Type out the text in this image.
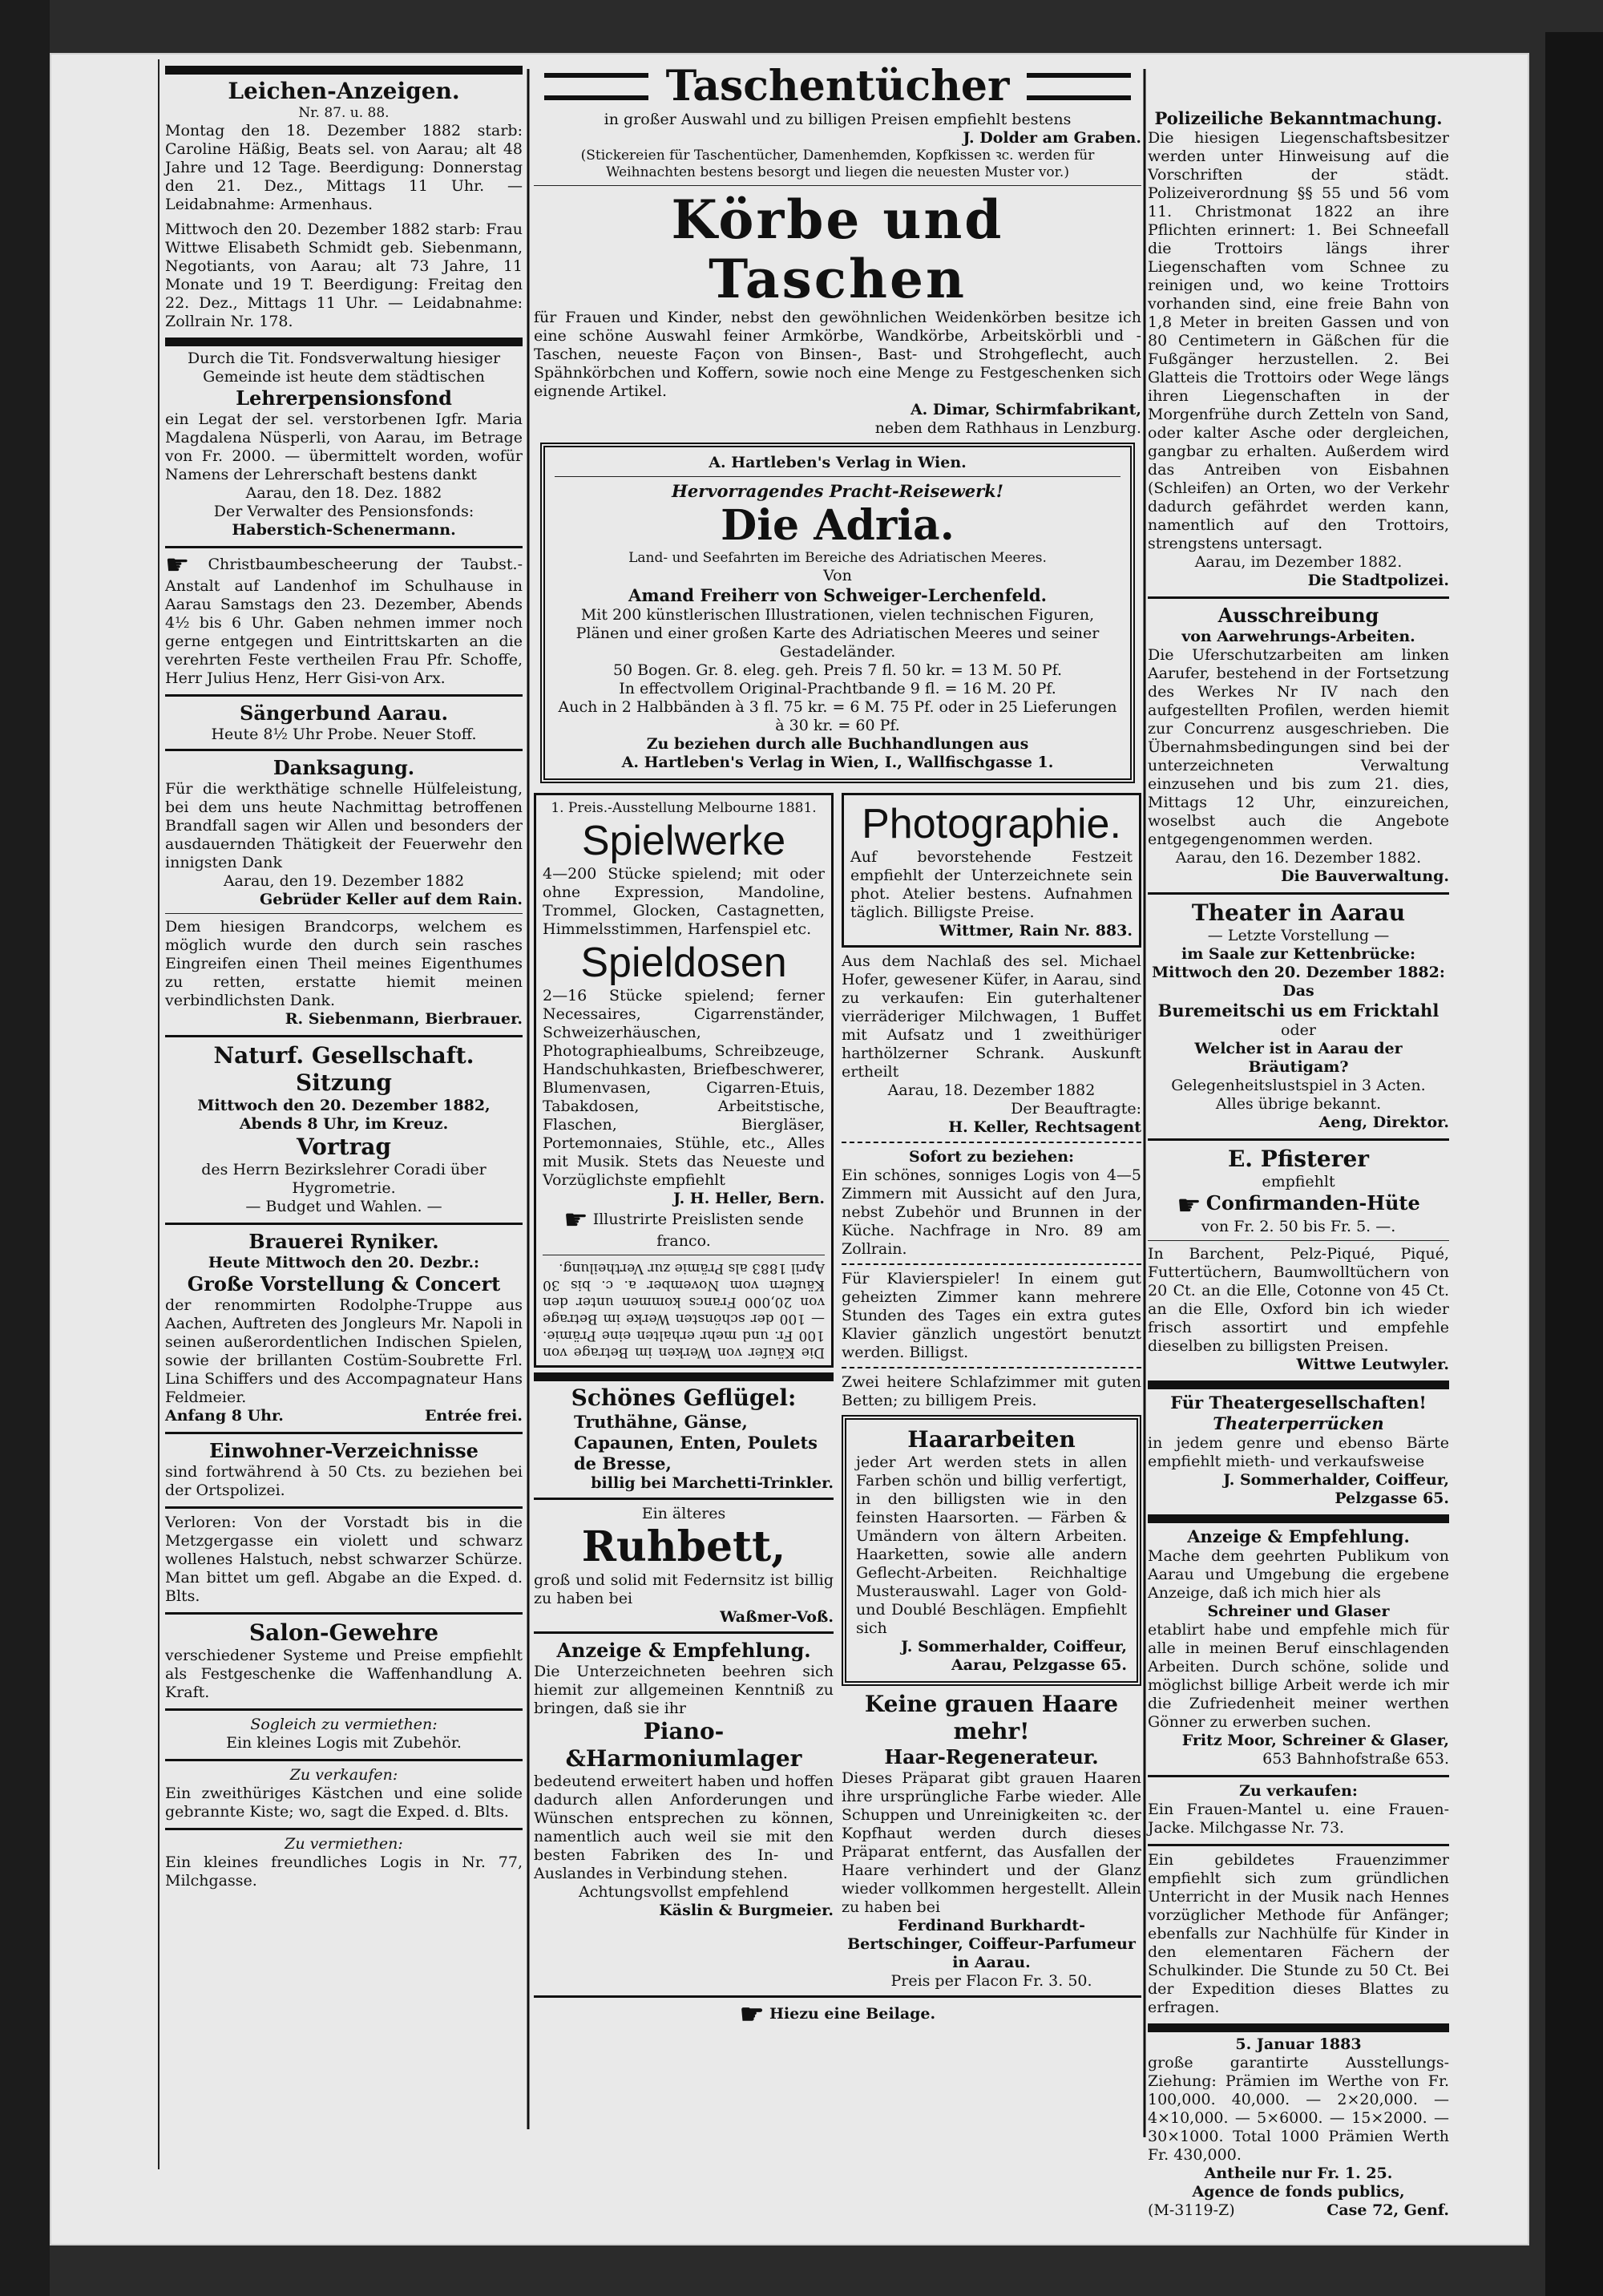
Leichen-Anzeigen.
Nr. 87. u. 88.

Montag den 18. Dezember 1882 starb: Caroline Häßig, Beats sel. von Aarau; alt 48 Jahre und 12 Tage. Beerdigung: Donnerstag den 21. Dez., Mittags 11 Uhr. — Leidabnahme: Armenhaus.

Mittwoch den 20. Dezember 1882 starb: Frau Wittwe Elisabeth Schmidt geb. Siebenmann, Negotiants, von Aarau; alt 73 Jahre, 11 Monate und 19 T. Beerdigung: Freitag den 22. Dez., Mittags 11 Uhr. — Leidabnahme: Zollrain Nr. 178.

Durch die Tit. Fondsverwaltung hiesiger Gemeinde ist heute dem städtischen

Lehrerpensionsfond

ein Legat der sel. verstorbenen Igfr. Maria Magdalena Nüsperli, von Aarau, im Betrage von Fr. 2000. — übermittelt worden, wofür Namens der Lehrerschaft bestens dankt

Aarau, den 18. Dez. 1882

Der Verwalter des Pensionsfonds:

Haberstich-Schenermann.

☛ Christbaumbescheerung der Taubst.-Anstalt auf Landenhof im Schulhause in Aarau Samstags den 23. Dezember, Abends 4½ bis 6 Uhr. Gaben nehmen immer noch gerne entgegen und Eintrittskarten an die verehrten Feste vertheilen Frau Pfr. Schoffe, Herr Julius Henz, Herr Gisi-von Arx.

Sängerbund Aarau.

Heute 8½ Uhr Probe. Neuer Stoff.

Danksagung.

Für die werkthätige schnelle Hülfeleistung, bei dem uns heute Nachmittag betroffenen Brandfall sagen wir Allen und besonders der ausdauernden Thätigkeit der Feuerwehr den innigsten Dank

Aarau, den 19. Dezember 1882

Gebrüder Keller auf dem Rain.

Dem hiesigen Brandcorps, welchem es möglich wurde den durch sein rasches Eingreifen einen Theil meines Eigenthumes zu retten, erstatte hiemit meinen verbindlichsten Dank.

R. Siebenmann, Bierbrauer.

Naturf. Gesellschaft.
Sitzung

Mittwoch den 20. Dezember 1882, Abends 8 Uhr, im Kreuz.

Vortrag

des Herrn Bezirkslehrer Coradi über Hygrometrie.

— Budget und Wahlen. —

Brauerei Ryniker.

Heute Mittwoch den 20. Dezbr.:

Große Vorstellung & Concert

der renommirten Rodolphe-Truppe aus Aachen, Auftreten des Jongleurs Mr. Napoli in seinen außerordentlichen Indischen Spielen, sowie der brillanten Costüm-Soubrette Frl. Lina Schiffers und des Accompagnateur Hans Feldmeier.

Anfang 8 Uhr.	Entrée frei.
Einwohner-Verzeichnisse

sind fortwährend à 50 Cts. zu beziehen bei der Ortspolizei.

Verloren: Von der Vorstadt bis in die Metzgergasse ein violett und schwarz wollenes Halstuch, nebst schwarzer Schürze. Man bittet um gefl. Abgabe an die Exped. d. Blts.

Salon-Gewehre

verschiedener Systeme und Preise empfiehlt als Festgeschenke die Waffenhandlung A. Kraft.

Sogleich zu vermiethen:

Ein kleines Logis mit Zubehör.

Zu verkaufen:

Ein zweithüriges Kästchen und eine solide gebrannte Kiste; wo, sagt die Exped. d. Blts.

Zu vermiethen:

Ein kleines freundliches Logis in Nr. 77, Milchgasse.

Taschentücher

in großer Auswahl und zu billigen Preisen empfiehlt bestens

J. Dolder am Graben.

(Stickereien für Taschentücher, Damenhemden, Kopfkissen ꝛc. werden für Weihnachten bestens besorgt und liegen die neuesten Muster vor.)

Körbe und Taschen

für Frauen und Kinder, nebst den gewöhnlichen Weidenkörben besitze ich eine schöne Auswahl feiner Armkörbe, Wandkörbe, Arbeitskörbli und -Taschen, neueste Façon von Binsen-, Bast- und Strohgeflecht, auch Spähnkörbchen und Koffern, sowie noch eine Menge zu Festgeschenken sich eignende Artikel.

A. Dimar, Schirmfabrikant,

neben dem Rathhaus in Lenzburg.

A. Hartleben's Verlag in Wien.

Hervorragendes Pracht-Reisewerk!

Die Adria.

Land- und Seefahrten im Bereiche des Adriatischen Meeres.

Von

Amand Freiherr von Schweiger-Lerchenfeld.

Mit 200 künstlerischen Illustrationen, vielen technischen Figuren, Plänen und einer großen Karte des Adriatischen Meeres und seiner Gestadeländer.

50 Bogen. Gr. 8. eleg. geh. Preis 7 fl. 50 kr. = 13 M. 50 Pf.

In effectvollem Original-Prachtbande 9 fl. = 16 M. 20 Pf.

Auch in 2 Halbbänden à 3 fl. 75 kr. = 6 M. 75 Pf. oder in 25 Lieferungen à 30 kr. = 60 Pf.

Zu beziehen durch alle Buchhandlungen aus

A. Hartleben's Verlag in Wien, I., Wallfischgasse 1.

1. Preis.-Ausstellung Melbourne 1881.

Spielwerke

4—200 Stücke spielend; mit oder ohne Expression, Mandoline, Trommel, Glocken, Castagnetten, Himmelsstimmen, Harfenspiel etc.

Spieldosen

2—16 Stücke spielend; ferner Necessaires, Cigarrenständer, Schweizerhäuschen, Photographiealbums, Schreibzeuge, Handschuhkasten, Briefbeschwerer, Blumenvasen, Cigarren-Etuis, Tabakdosen, Arbeitstische, Flaschen, Biergläser, Portemonnaies, Stühle, etc., Alles mit Musik. Stets das Neueste und Vorzüglichste empfiehlt

J. H. Heller, Bern.

☛ Illustrirte Preislisten sende franco.

Die Käufer von Werken im Betrage von 100 Fr. und mehr erhalten eine Prämie. — 100 der schönsten Werke im Betrage von 20,000 Francs kommen unter den Käufern vom November a. c. bis 30 April 1883 als Prämie zur Vertheilung.

Schönes Geflügel:

Truthähne, Gänse, Capaunen, Enten, Poulets de Bresse,

billig bei Marchetti-Trinkler.

Ein älteres

Ruhbett,

groß und solid mit Federnsitz ist billig zu haben bei

Waßmer-Voß.

Anzeige & Empfehlung.

Die Unterzeichneten beehren sich hiemit zur allgemeinen Kenntniß zu bringen, daß sie ihr

Piano-&Harmoniumlager

bedeutend erweitert haben und hoffen dadurch allen Anforderungen und Wünschen entsprechen zu können, namentlich auch weil sie mit den besten Fabriken des In- und Auslandes in Verbindung stehen.

Achtungsvollst empfehlend

Käslin & Burgmeier.

Photographie.

Auf bevorstehende Festzeit empfiehlt der Unterzeichnete sein phot. Atelier bestens. Aufnahmen täglich. Billigste Preise.

Wittmer, Rain Nr. 883.

Aus dem Nachlaß des sel. Michael Hofer, gewesener Küfer, in Aarau, sind zu verkaufen: Ein guterhaltener vierräderiger Milchwagen, 1 Buffet mit Aufsatz und 1 zweithüriger harthölzerner Schrank. Auskunft ertheilt

Aarau, 18. Dezember 1882

Der Beauftragte:

H. Keller, Rechtsagent

Sofort zu beziehen:

Ein schönes, sonniges Logis von 4—5 Zimmern mit Aussicht auf den Jura, nebst Zubehör und Brunnen in der Küche. Nachfrage in Nro. 89 am Zollrain.

Für Klavierspieler! In einem gut geheizten Zimmer kann mehrere Stunden des Tages ein extra gutes Klavier gänzlich ungestört benutzt werden. Billigst.

Zwei heitere Schlafzimmer mit guten Betten; zu billigem Preis.

Haararbeiten

jeder Art werden stets in allen Farben schön und billig verfertigt, in den billigsten wie in den feinsten Haarsorten. — Färben & Umändern von ältern Arbeiten. Haarketten, sowie alle andern Geflecht-Arbeiten. Reichhaltige Musterauswahl. Lager von Gold- und Doublé Beschlägen. Empfiehlt sich

J. Sommerhalder, Coiffeur, Aarau, Pelzgasse 65.

Keine grauen Haare mehr!
Haar-Regenerateur.

Dieses Präparat gibt grauen Haaren ihre ursprüngliche Farbe wieder. Alle Schuppen und Unreinigkeiten ꝛc. der Kopfhaut werden durch dieses Präparat entfernt, das Ausfallen der Haare verhindert und der Glanz wieder vollkommen hergestellt. Allein zu haben bei

Ferdinand Burkhardt-Bertschinger, Coiffeur-Parfumeur in Aarau.

Preis per Flacon Fr. 3. 50.

☛ Hiezu eine Beilage.

Polizeiliche Bekanntmachung.

Die hiesigen Liegenschaftsbesitzer werden unter Hinweisung auf die Vorschriften der städt. Polizeiverordnung §§ 55 und 56 vom 11. Christmonat 1822 an ihre Pflichten erinnert: 1. Bei Schneefall die Trottoirs längs ihrer Liegenschaften vom Schnee zu reinigen und, wo keine Trottoirs vorhanden sind, eine freie Bahn von 1,8 Meter in breiten Gassen und von 80 Centimetern in Gäßchen für die Fußgänger herzustellen. 2. Bei Glatteis die Trottoirs oder Wege längs ihren Liegenschaften in der Morgenfrühe durch Zetteln von Sand, oder kalter Asche oder dergleichen, gangbar zu erhalten. Außerdem wird das Antreiben von Eisbahnen (Schleifen) an Orten, wo der Verkehr dadurch gefährdet werden kann, namentlich auf den Trottoirs, strengstens untersagt.

Aarau, im Dezember 1882.

Die Stadtpolizei.

Ausschreibung

von Aarwehrungs-Arbeiten.

Die Uferschutzarbeiten am linken Aarufer, bestehend in der Fortsetzung des Werkes Nr IV nach den aufgestellten Profilen, werden hiemit zur Concurrenz ausgeschrieben. Die Übernahmsbedingungen sind bei der unterzeichneten Verwaltung einzusehen und bis zum 21. dies, Mittags 12 Uhr, einzureichen, woselbst auch die Angebote entgegengenommen werden.

Aarau, den 16. Dezember 1882.

Die Bauverwaltung.

Theater in Aarau

— Letzte Vorstellung —

im Saale zur Kettenbrücke:

Mittwoch den 20. Dezember 1882:

Das

Buremeitschi us em Fricktahl

oder

Welcher ist in Aarau der Bräutigam?

Gelegenheitslustspiel in 3 Acten.

Alles übrige bekannt.

Aeng, Direktor.

E. Pfisterer

empfiehlt

☛ Confirmanden-Hüte

von Fr. 2. 50 bis Fr. 5. —.

In Barchent, Pelz-Piqué, Piqué, Futtertüchern, Baumwolltüchern von 20 Ct. an die Elle, Cotonne von 45 Ct. an die Elle, Oxford bin ich wieder frisch assortirt und empfehle dieselben zu billigsten Preisen.

Wittwe Leutwyler.

Für Theatergesellschaften!
Theaterperrücken

in jedem genre und ebenso Bärte empfiehlt mieth- und verkaufsweise

J. Sommerhalder, Coiffeur, Pelzgasse 65.

Anzeige & Empfehlung.

Mache dem geehrten Publikum von Aarau und Umgebung die ergebene Anzeige, daß ich mich hier als

Schreiner und Glaser

etablirt habe und empfehle mich für alle in meinen Beruf einschlagenden Arbeiten. Durch schöne, solide und möglichst billige Arbeit werde ich mir die Zufriedenheit meiner werthen Gönner zu erwerben suchen.

Fritz Moor, Schreiner & Glaser,

653 Bahnhofstraße 653.

Zu verkaufen:

Ein Frauen-Mantel u. eine Frauen-Jacke. Milchgasse Nr. 73.

Ein gebildetes Frauenzimmer empfiehlt sich zum gründlichen Unterricht in der Musik nach Hennes vorzüglicher Methode für Anfänger; ebenfalls zur Nachhülfe für Kinder in den elementaren Fächern der Schulkinder. Die Stunde zu 50 Ct. Bei der Expedition dieses Blattes zu erfragen.

5. Januar 1883

große garantirte Ausstellungs-Ziehung: Prämien im Werthe von Fr. 100,000. 40,000. — 2×20,000. — 4×10,000. — 5×6000. — 15×2000. — 30×1000. Total 1000 Prämien Werth Fr. 430,000.

Antheile nur Fr. 1. 25.

Agence de fonds publics,

(M-3119-Z)	Case 72, Genf.
